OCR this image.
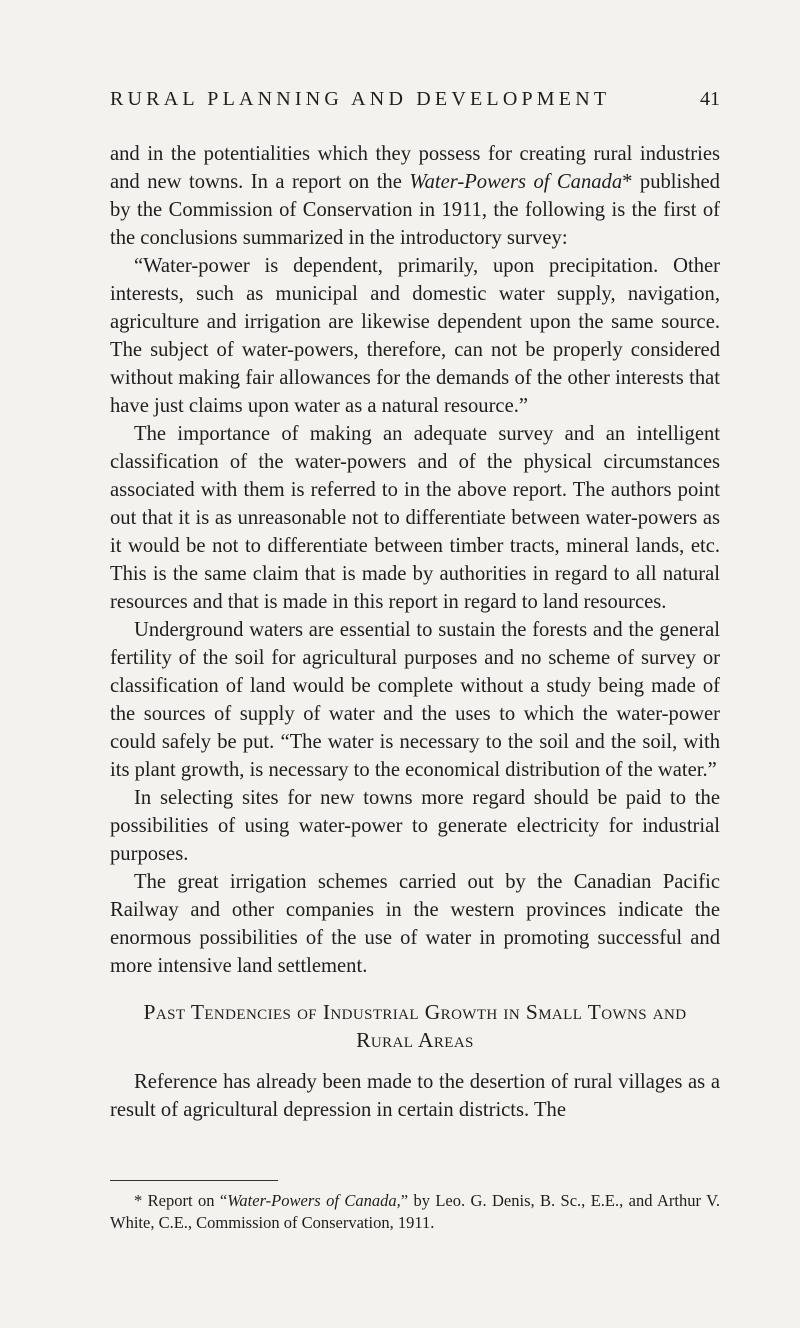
RURAL PLANNING AND DEVELOPMENT	41

and in the potentialities which they possess for creating rural industries and new towns. In a report on the Water-Powers of Canada* published by the Commission of Conservation in 1911, the following is the first of the conclusions summarized in the introductory survey:

“Water-power is dependent, primarily, upon precipitation. Other interests, such as municipal and domestic water supply, navigation, agriculture and irrigation are likewise dependent upon the same source. The subject of water-powers, therefore, can not be properly considered without making fair allowances for the demands of the other interests that have just claims upon water as a natural resource.”

The importance of making an adequate survey and an intelligent classification of the water-powers and of the physical circumstances associated with them is referred to in the above report. The authors point out that it is as unreasonable not to differentiate between water-powers as it would be not to differentiate between timber tracts, mineral lands, etc. This is the same claim that is made by authorities in regard to all natural resources and that is made in this report in regard to land resources.

Underground waters are essential to sustain the forests and the general fertility of the soil for agricultural purposes and no scheme of survey or classification of land would be complete without a study being made of the sources of supply of water and the uses to which the water-power could safely be put. “The water is necessary to the soil and the soil, with its plant growth, is necessary to the economical distribution of the water.”

In selecting sites for new towns more regard should be paid to the possibilities of using water-power to generate electricity for industrial purposes.

The great irrigation schemes carried out by the Canadian Pacific Railway and other companies in the western provinces indicate the enormous possibilities of the use of water in promoting successful and more intensive land settlement.

Past Tendencies of Industrial Growth in Small Towns and
Rural Areas

Reference has already been made to the desertion of rural villages as a result of agricultural depression in certain districts. The

* Report on “Water-Powers of Canada,” by Leo. G. Denis, B. Sc., E.E., and Arthur V. White, C.E., Commission of Conservation, 1911.
